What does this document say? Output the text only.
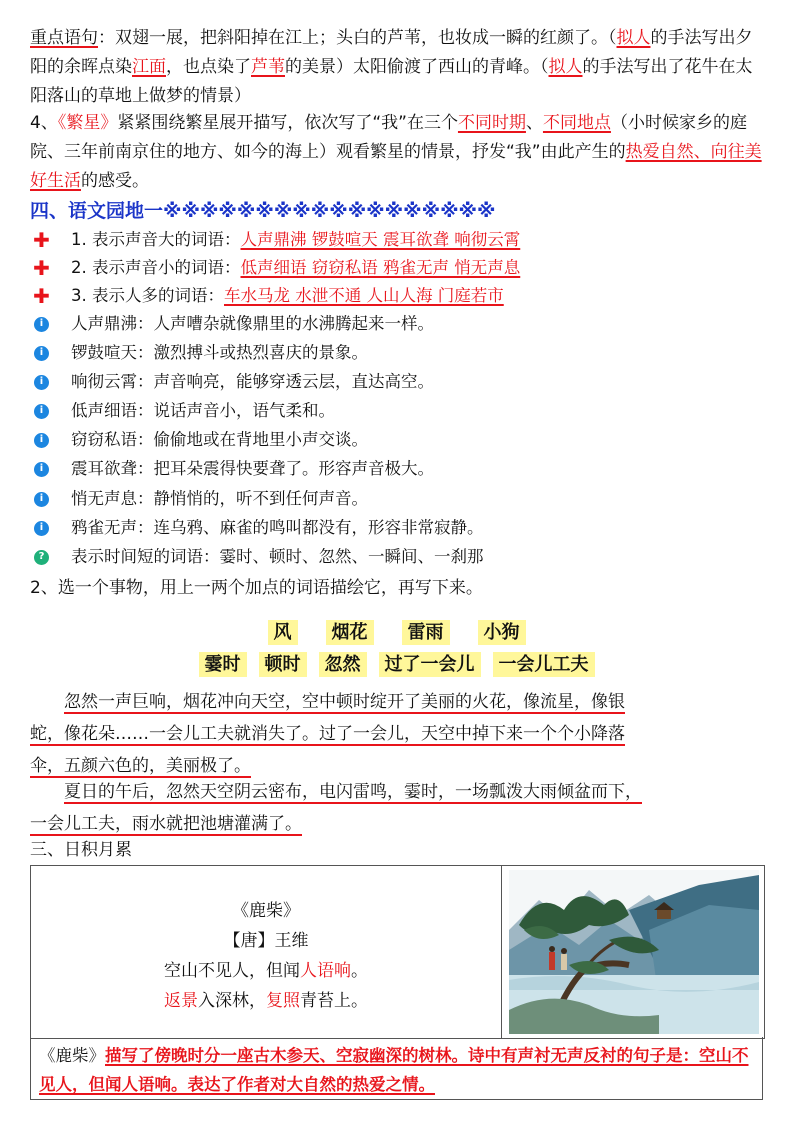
重点语句：双翅一展，把斜阳掉在江上；头白的芦苇，也妆成一瞬的红颜了。（拟人的手法写出夕阳的余晖点染江面，也点染了芦苇的美景）太阳偷渡了西山的青峰。（拟人的手法写出了花牛在太阳落山的草地上做梦的情景）
4、《繁星》紧紧围绕繁星展开描写，依次写了“我”在三个不同时期、不同地点（小时候家乡的庭院、三年前南京住的地方、如今的海上）观看繁星的情景，抒发“我”由此产生的热爱自然、向往美好生活的感受。
四、语文园地一※※※※※※※※※※※※※※※※※※
✚ 1. 表示声音大的词语： 人声鼎沸 锣鼓喧天 震耳欲聋 响彻云霄
✚ 2. 表示声音小的词语： 低声细语 窃窃私语 鸦雀无声 悄无声息
✚ 3. 表示人多的词语： 车水马龙 水泄不通 人山人海 门庭若市
i	人声鼎沸 ：人声嘈杂就像鼎里的水沸腾起来一样。
i	锣鼓喧天 ：激烈搏斗或热烈喜庆的景象。
i	响彻云霄 ：声音响亮，能够穿透云层，直达高空。
i	低声细语 ：说话声音小，语气柔和。
i	窃窃私语 ：偷偷地或在背地里小声交谈。
i	震耳欲聋 ：把耳朵震得快要聋了。形容声音极大。
i	悄无声息 ：静悄悄的，听不到任何声音。
i	鸦雀无声 ：连乌鸦、麻雀的鸣叫都没有，形容非常寂静。
? 表示时间短的词语：霎时、顿时、忽然、一瞬间、一刹那
2、选一个事物，用上一两个加点的词语描绘它，再写下来。
风 烟花 雷雨 小狗
霎时 顿时 忽然 过了一会儿 一会儿工夫
忽然一声巨响，烟花冲向天空，空中顿时绽开了美丽的火花，像流星，像银
蛇，像花朵……一会儿工夫就消失了。过了一会儿，天空中掉下来一个个小降落
伞，五颜六色的，美丽极了。
夏日的午后，忽然天空阴云密布，电闪雷鸣，霎时，一场瓢泼大雨倾盆而下，
一会儿工夫，雨水就把池塘灌满了。
三、日积月累
《鹿柴》
【唐】王维
空山不见人，但闻人语响。
返景入深林，复照青苔上。
《鹿柴》描写了傍晚时分一座古木参天、空寂幽深的树林。诗中有声衬无声反衬的句子是：空山不见人，但闻人语响。表达了作者对大自然的热爱之情。
